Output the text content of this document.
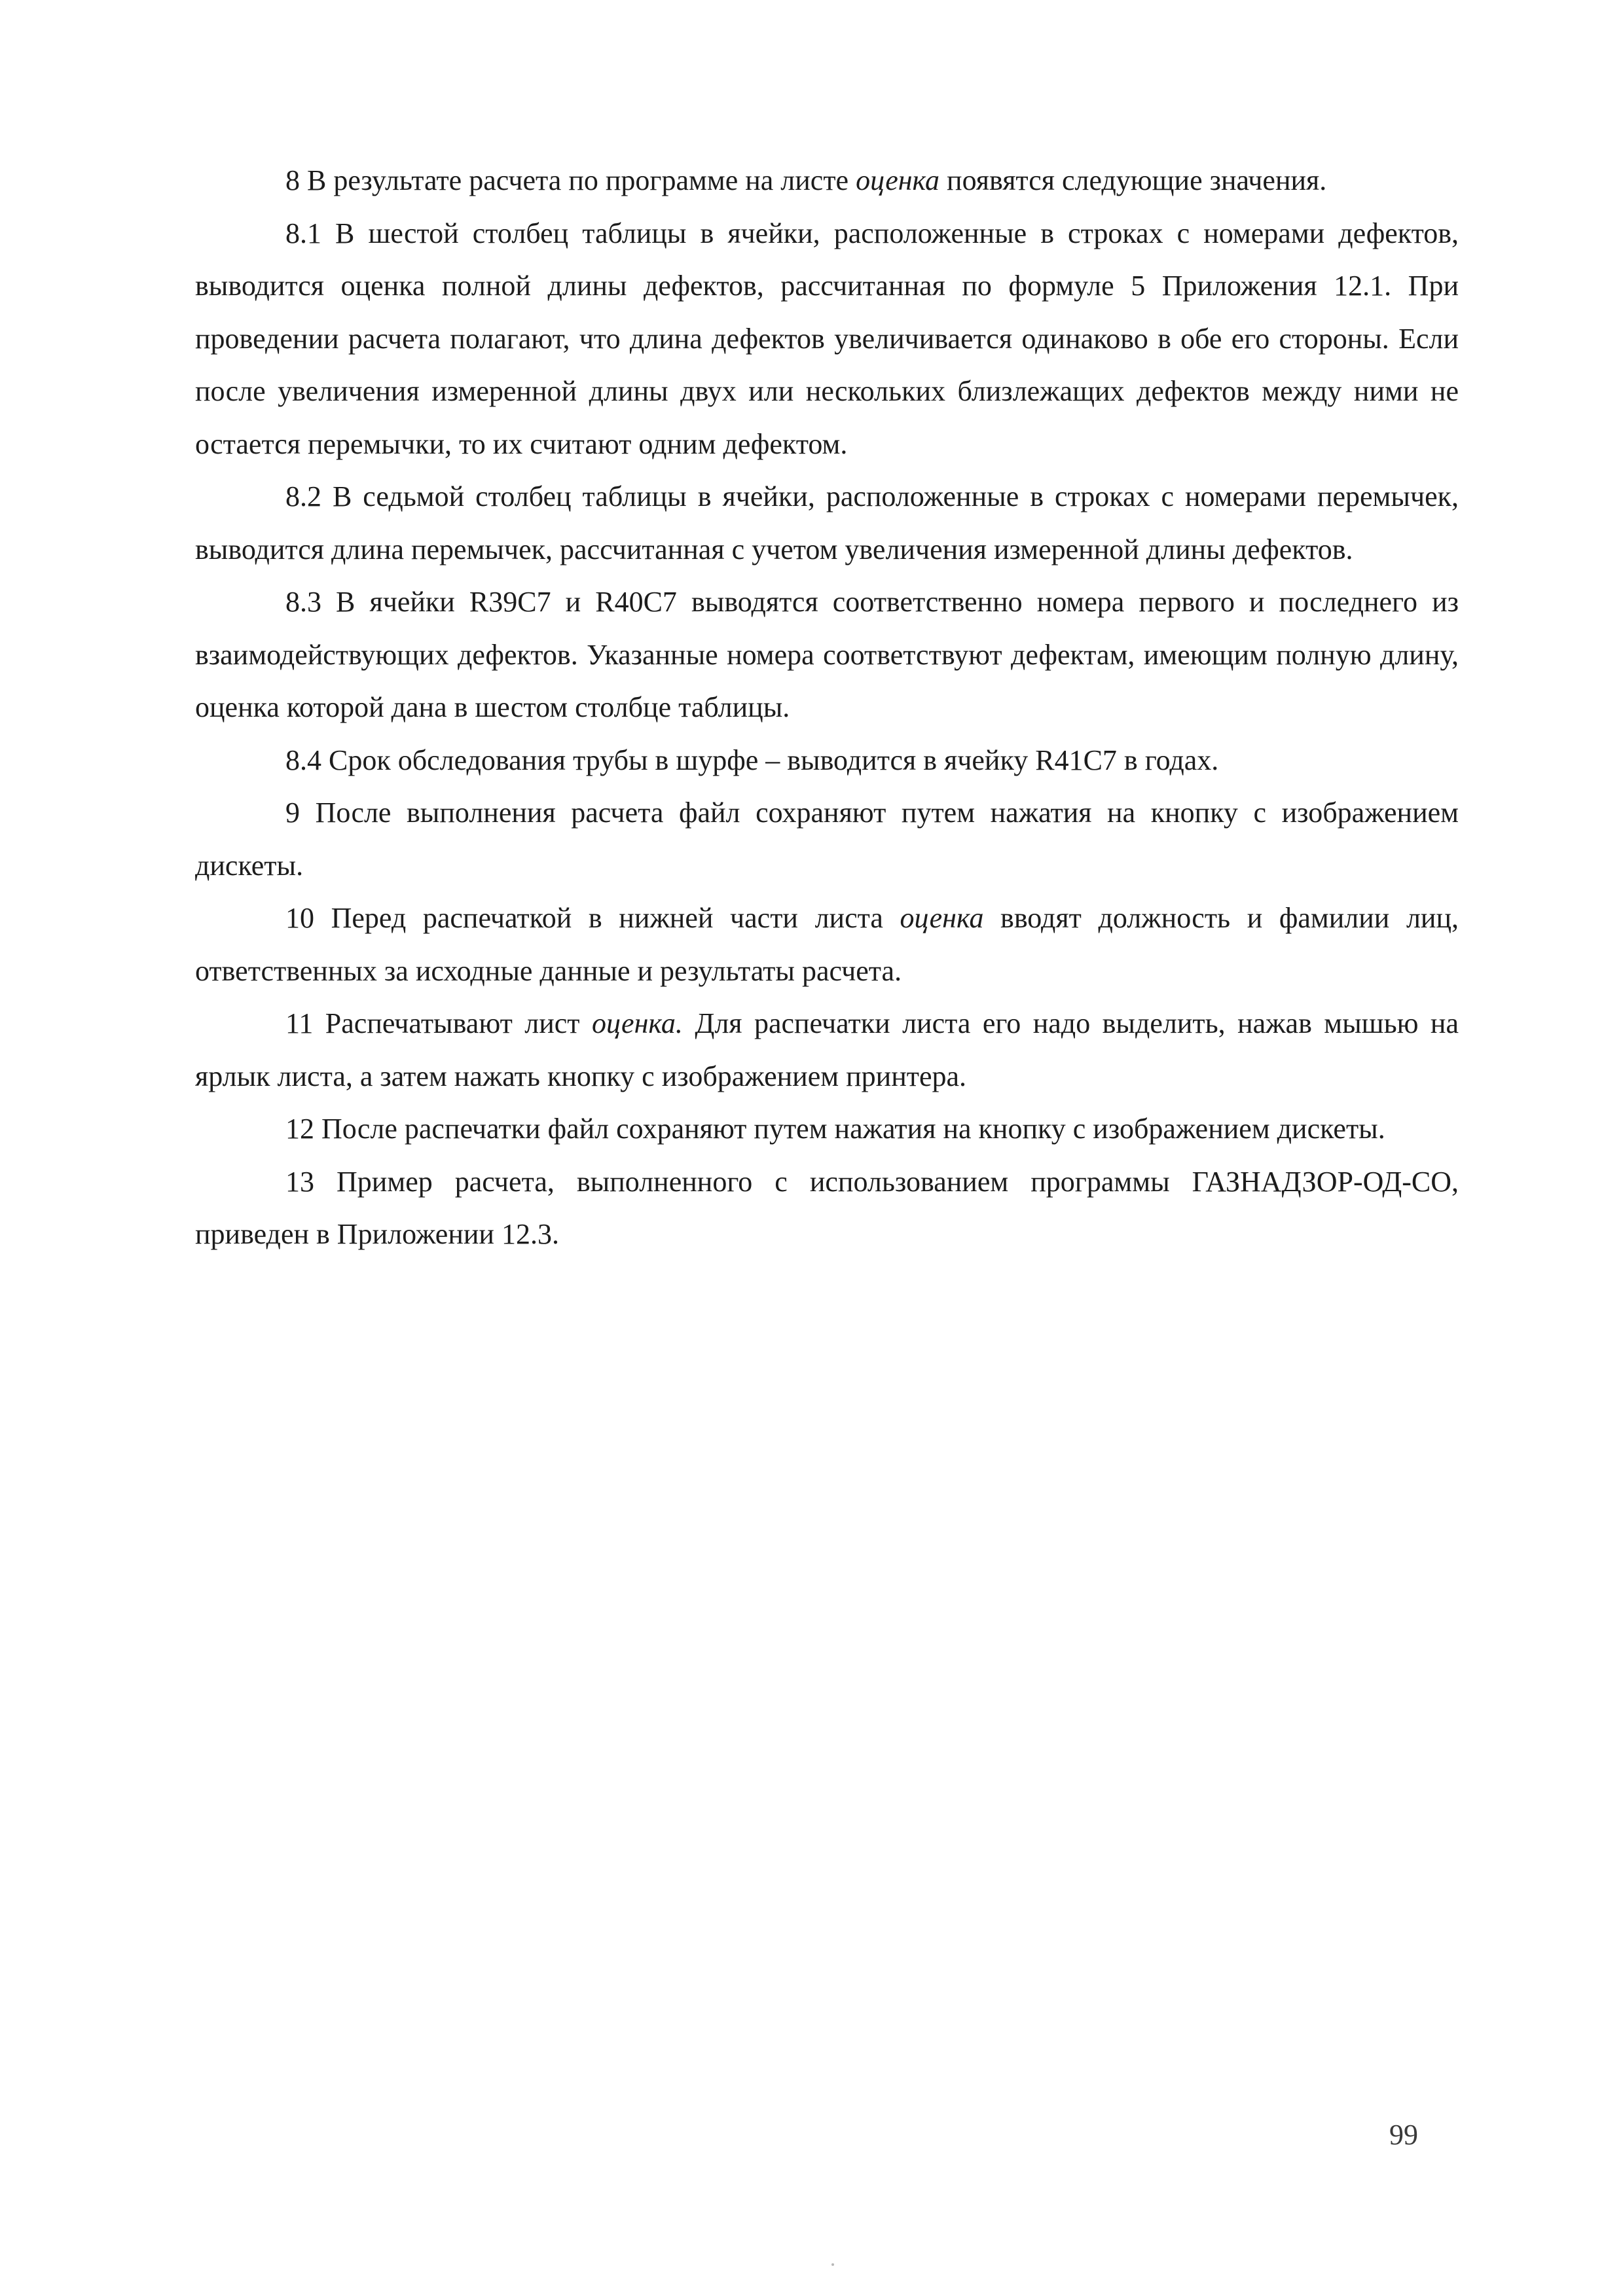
8 В результате расчета по программе на листе оценка появятся следующие значения.

8.1 В шестой столбец таблицы в ячейки, расположенные в строках с номерами дефектов, выводится оценка полной длины дефектов, рассчитанная по формуле 5 Приложения 12.1. При проведении расчета полагают, что длина дефектов увеличивается одинаково в обе его стороны. Если после увеличения измеренной длины двух или нескольких близлежащих дефектов между ними не остается перемычки, то их считают одним дефектом.

8.2 В седьмой столбец таблицы в ячейки, расположенные в строках с номерами перемычек, выводится длина перемычек, рассчитанная с учетом увеличения измеренной длины дефектов.

8.3 В ячейки R39C7 и R40C7 выводятся соответственно номера первого и последнего из взаимодействующих дефектов. Указанные номера соответствуют дефектам, имеющим полную длину, оценка которой дана в шестом столбце таблицы.

8.4 Срок обследования трубы в шурфе – выводится в ячейку R41C7 в годах.

9 После выполнения расчета файл сохраняют путем нажатия на кнопку с изображением дискеты.

10 Перед распечаткой в нижней части листа оценка вводят должность и фамилии лиц, ответственных за исходные данные и результаты расчета.

11 Распечатывают лист оценка. Для распечатки листа его надо выделить, нажав мышью на ярлык листа, а затем нажать кнопку с изображением принтера.

12 После распечатки файл сохраняют путем нажатия на кнопку с изображением дискеты.

13 Пример расчета, выполненного с использованием программы ГАЗНАДЗОР-ОД-СО, приведен в Приложении 12.3.

99
